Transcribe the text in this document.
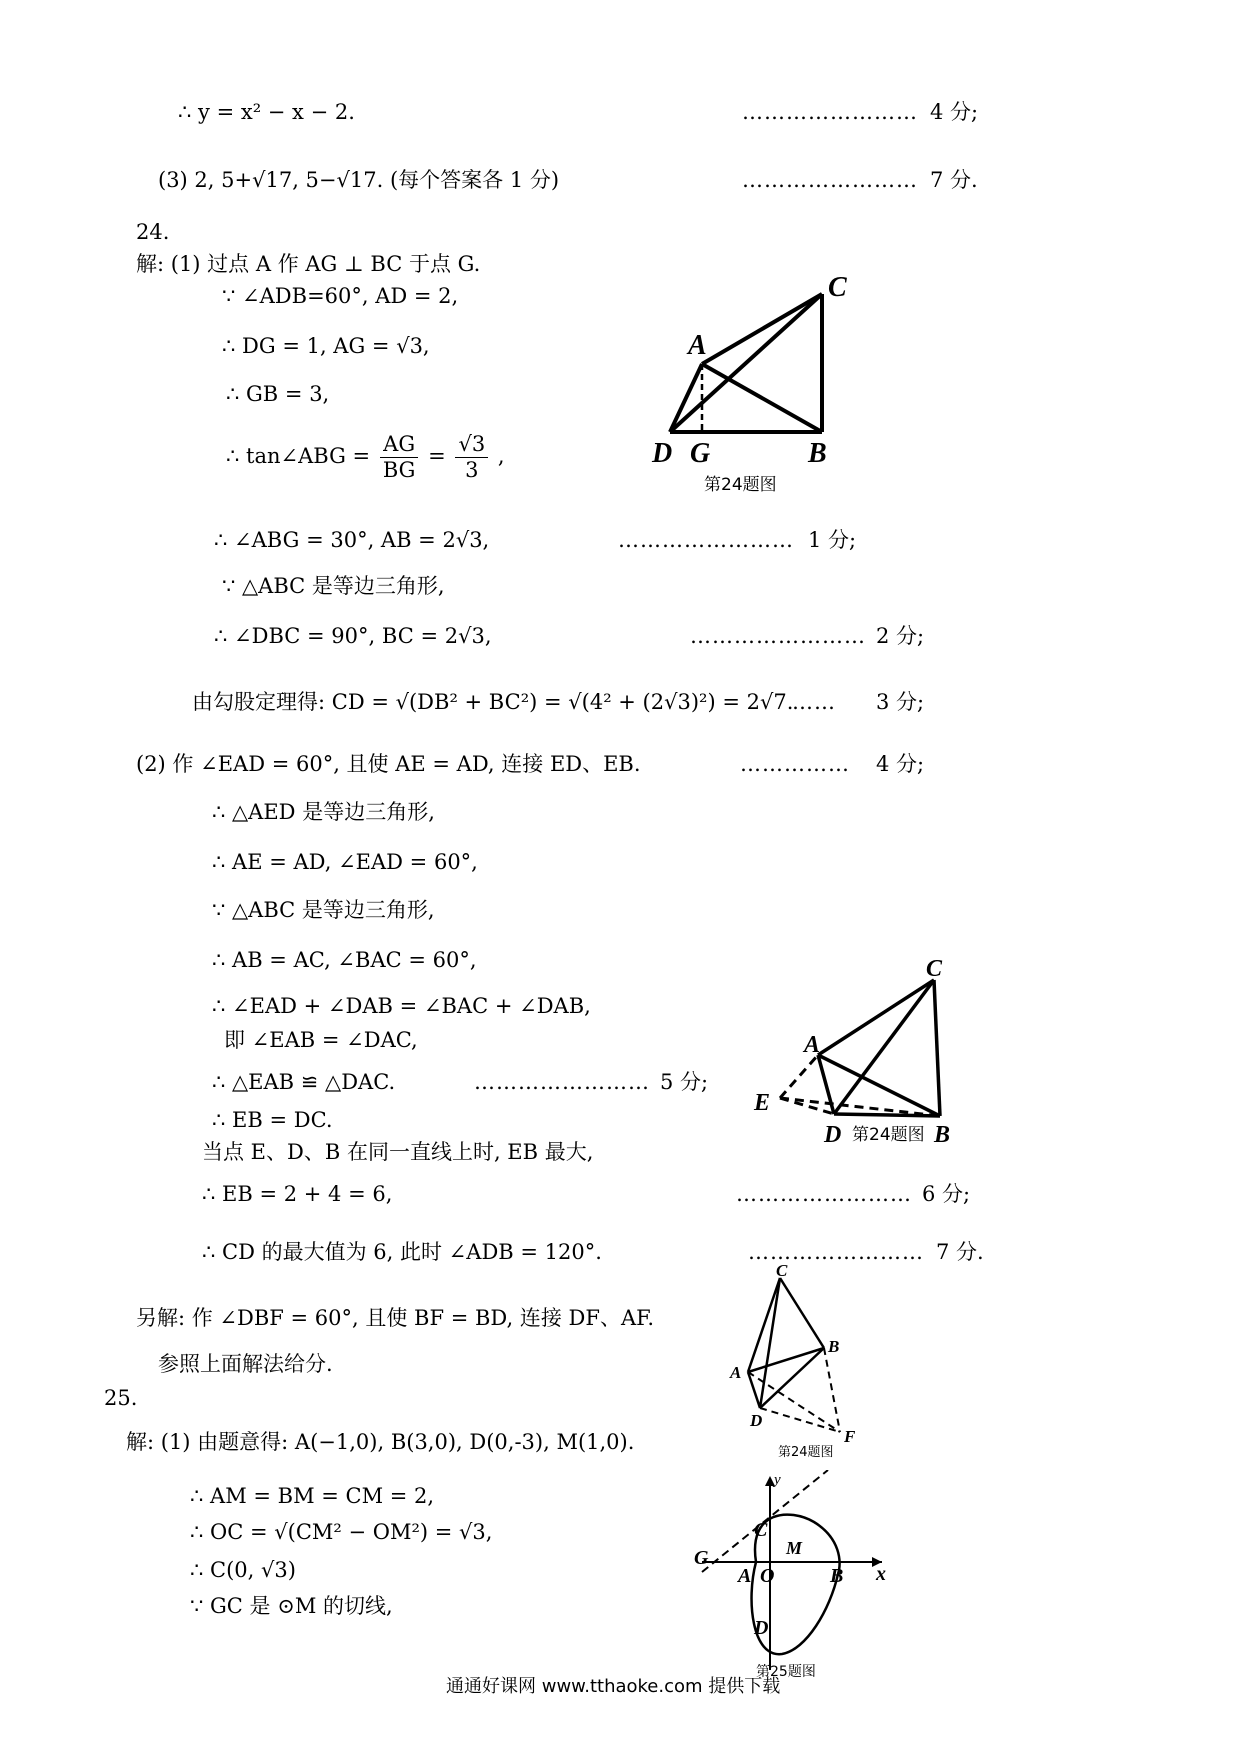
∴ y = x² − x − 2.	…………………… 4 分;
(3) 2, 5+√17, 5−√17. (每个答案各 1 分)	…………………… 7 分.
24.
解: (1) 过点 A 作 AG ⊥ BC 于点 G.
∵ ∠ADB=60°, AD = 2,
∴ DG = 1, AG = √3,
∴ GB = 3,
∴ tan∠ABG = $\frac{AG}{BG} = \frac{√3}{3}$ ,
∴ ∠ABG = 30°, AB = 2√3,	…………………… 1 分;
∵ △ABC 是等边三角形,
∴ ∠DBC = 90°, BC = 2√3,	…………………… 2 分;
由勾股定理得: CD = √(DB² + BC²) = √(4² + (2√3)²) = 2√7.
…… 3 分;
(2) 作 ∠EAD = 60°, 且使 AE = AD, 连接 ED、EB.	…………… 4 分;
∴ △AED 是等边三角形,
∴ AE = AD, ∠EAD = 60°,
∵ △ABC 是等边三角形,
∴ AB = AC, ∠BAC = 60°,
∴ ∠EAD + ∠DAB = ∠BAC + ∠DAB,
即 ∠EAB = ∠DAC,
∴ △EAB ≌ △DAC.	…………………… 5 分;
∴ EB = DC.
当点 E、D、B 在同一直线上时, EB 最大,
∴ EB = 2 + 4 = 6,	…………………… 6 分;
∴ CD 的最大值为 6, 此时 ∠ADB = 120°.	…………………… 7 分.
另解: 作 ∠DBF = 60°, 且使 BF = BD, 连接 DF、AF.
参照上面解法给分.
25.
解: (1) 由题意得: A(−1,0), B(3,0), D(0,-3), M(1,0).
∴ AM = BM = CM = 2,
∴ OC = √(CM² − OM²) = √3,
∴ C(0, √3)
∵ GC 是 ⊙M 的切线,
通通好课网 www.tthaoke.com 提供下载
C
A
D G	B
第24题图
C
A
E
D	B
第24题图
C
A
B
D
F
第24题图
y
x
C
G	M
A O	B
D
第25题图
